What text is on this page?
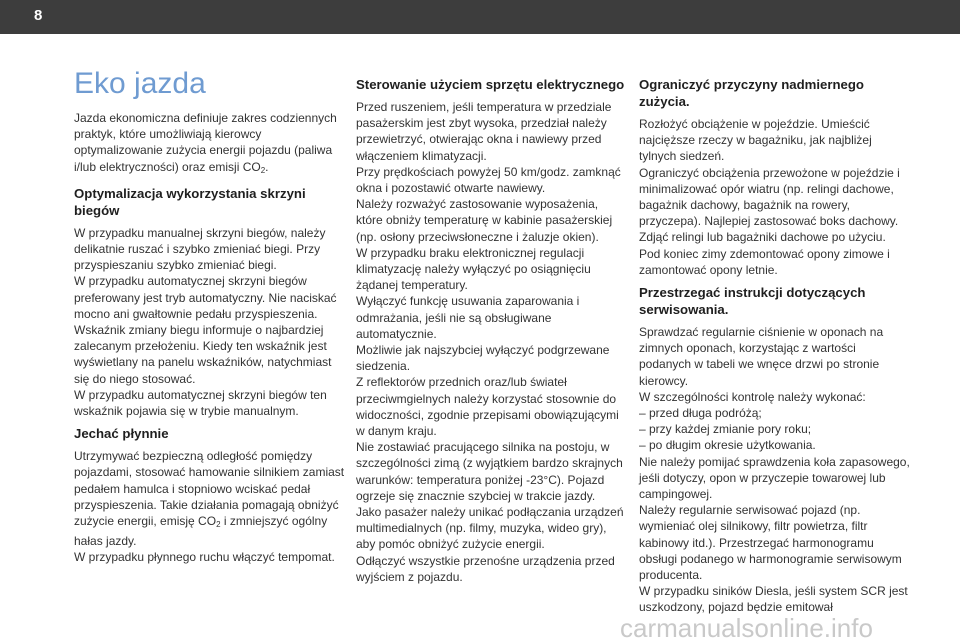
8
Eko jazda

Jazda ekonomiczna definiuje zakres codziennych praktyk, które umożliwiają kierowcy optymalizowanie zużycia energii pojazdu (paliwa i/lub elektryczności) oraz emisji $CO_2$.

Optymalizacja wykorzystania skrzyni biegów

W przypadku manualnej skrzyni biegów, należy delikatnie ruszać i szybko zmieniać biegi. Przy przyspieszaniu szybko zmieniać biegi.
W przypadku automatycznej skrzyni biegów preferowany jest tryb automatyczny. Nie naciskać mocno ani gwałtownie pedału przyspieszenia.
Wskaźnik zmiany biegu informuje o najbardziej zalecanym przełożeniu. Kiedy ten wskaźnik jest wyświetlany na panelu wskaźników, natychmiast się do niego stosować.
W przypadku automatycznej skrzyni biegów ten wskaźnik pojawia się w trybie manualnym.

Jechać płynnie

Utrzymywać bezpieczną odległość pomiędzy pojazdami, stosować hamowanie silnikiem zamiast pedałem hamulca i stopniowo wciskać pedał przyspieszenia. Takie działania pomagają obniżyć zużycie energii, emisję $CO_2$ i zmniejszyć ogólny hałas jazdy.
W przypadku płynnego ruchu włączyć tempomat.

Sterowanie użyciem sprzętu elektrycznego

Przed ruszeniem, jeśli temperatura w przedziale pasażerskim jest zbyt wysoka, przedział należy przewietrzyć, otwierając okna i nawiewy przed włączeniem klimatyzacji.
Przy prędkościach powyżej 50 km/godz. zamknąć okna i pozostawić otwarte nawiewy.
Należy rozważyć zastosowanie wyposażenia, które obniży temperaturę w kabinie pasażerskiej (np. osłony przeciwsłoneczne i żaluzje okien).
W przypadku braku elektronicznej regulacji klimatyzację należy wyłączyć po osiągnięciu żądanej temperatury.
Wyłączyć funkcję usuwania zaparowania i odmrażania, jeśli nie są obsługiwane automatycznie.
Możliwie jak najszybciej wyłączyć podgrzewane siedzenia.
Z reflektorów przednich oraz/lub świateł przeciwmgielnych należy korzystać stosownie do widoczności, zgodnie przepisami obowiązującymi w danym kraju.
Nie zostawiać pracującego silnika na postoju, w szczególności zimą (z wyjątkiem bardzo skrajnych warunków: temperatura poniżej -23°C). Pojazd ogrzeje się znacznie szybciej w trakcie jazdy.
Jako pasażer należy unikać podłączania urządzeń multimedialnych (np. filmy, muzyka, wideo gry), aby pomóc obniżyć zużycie energii.
Odłączyć wszystkie przenośne urządzenia przed wyjściem z pojazdu.

Ograniczyć przyczyny nadmiernego zużycia.

Rozłożyć obciążenie w pojeździe. Umieścić najcięższe rzeczy w bagażniku, jak najbliżej tylnych siedzeń.
Ograniczyć obciążenia przewożone w pojeździe i minimalizować opór wiatru (np. relingi dachowe, bagażnik dachowy, bagażnik na rowery, przyczepa). Najlepiej zastosować boks dachowy.
Zdjąć relingi lub bagażniki dachowe po użyciu.
Pod koniec zimy zdemontować opony zimowe i zamontować opony letnie.

Przestrzegać instrukcji dotyczących serwisowania.

Sprawdzać regularnie ciśnienie w oponach na zimnych oponach, korzystając z wartości podanych w tabeli we wnęce drzwi po stronie kierowcy.
W szczególności kontrolę należy wykonać:
– przed długa podróżą;
– przy każdej zmianie pory roku;
– po długim okresie użytkowania.
Nie należy pomijać sprawdzenia koła zapasowego, jeśli dotyczy, opon w przyczepie towarowej lub campingowej.
Należy regularnie serwisować pojazd (np. wymieniać olej silnikowy, filtr powietrza, filtr kabinowy itd.). Przestrzegać harmonogramu obsługi podanego w harmonogramie serwisowym producenta.
W przypadku siników Diesla, jeśli system SCR jest uszkodzony, pojazd będzie emitował

carmanualsonline.info
